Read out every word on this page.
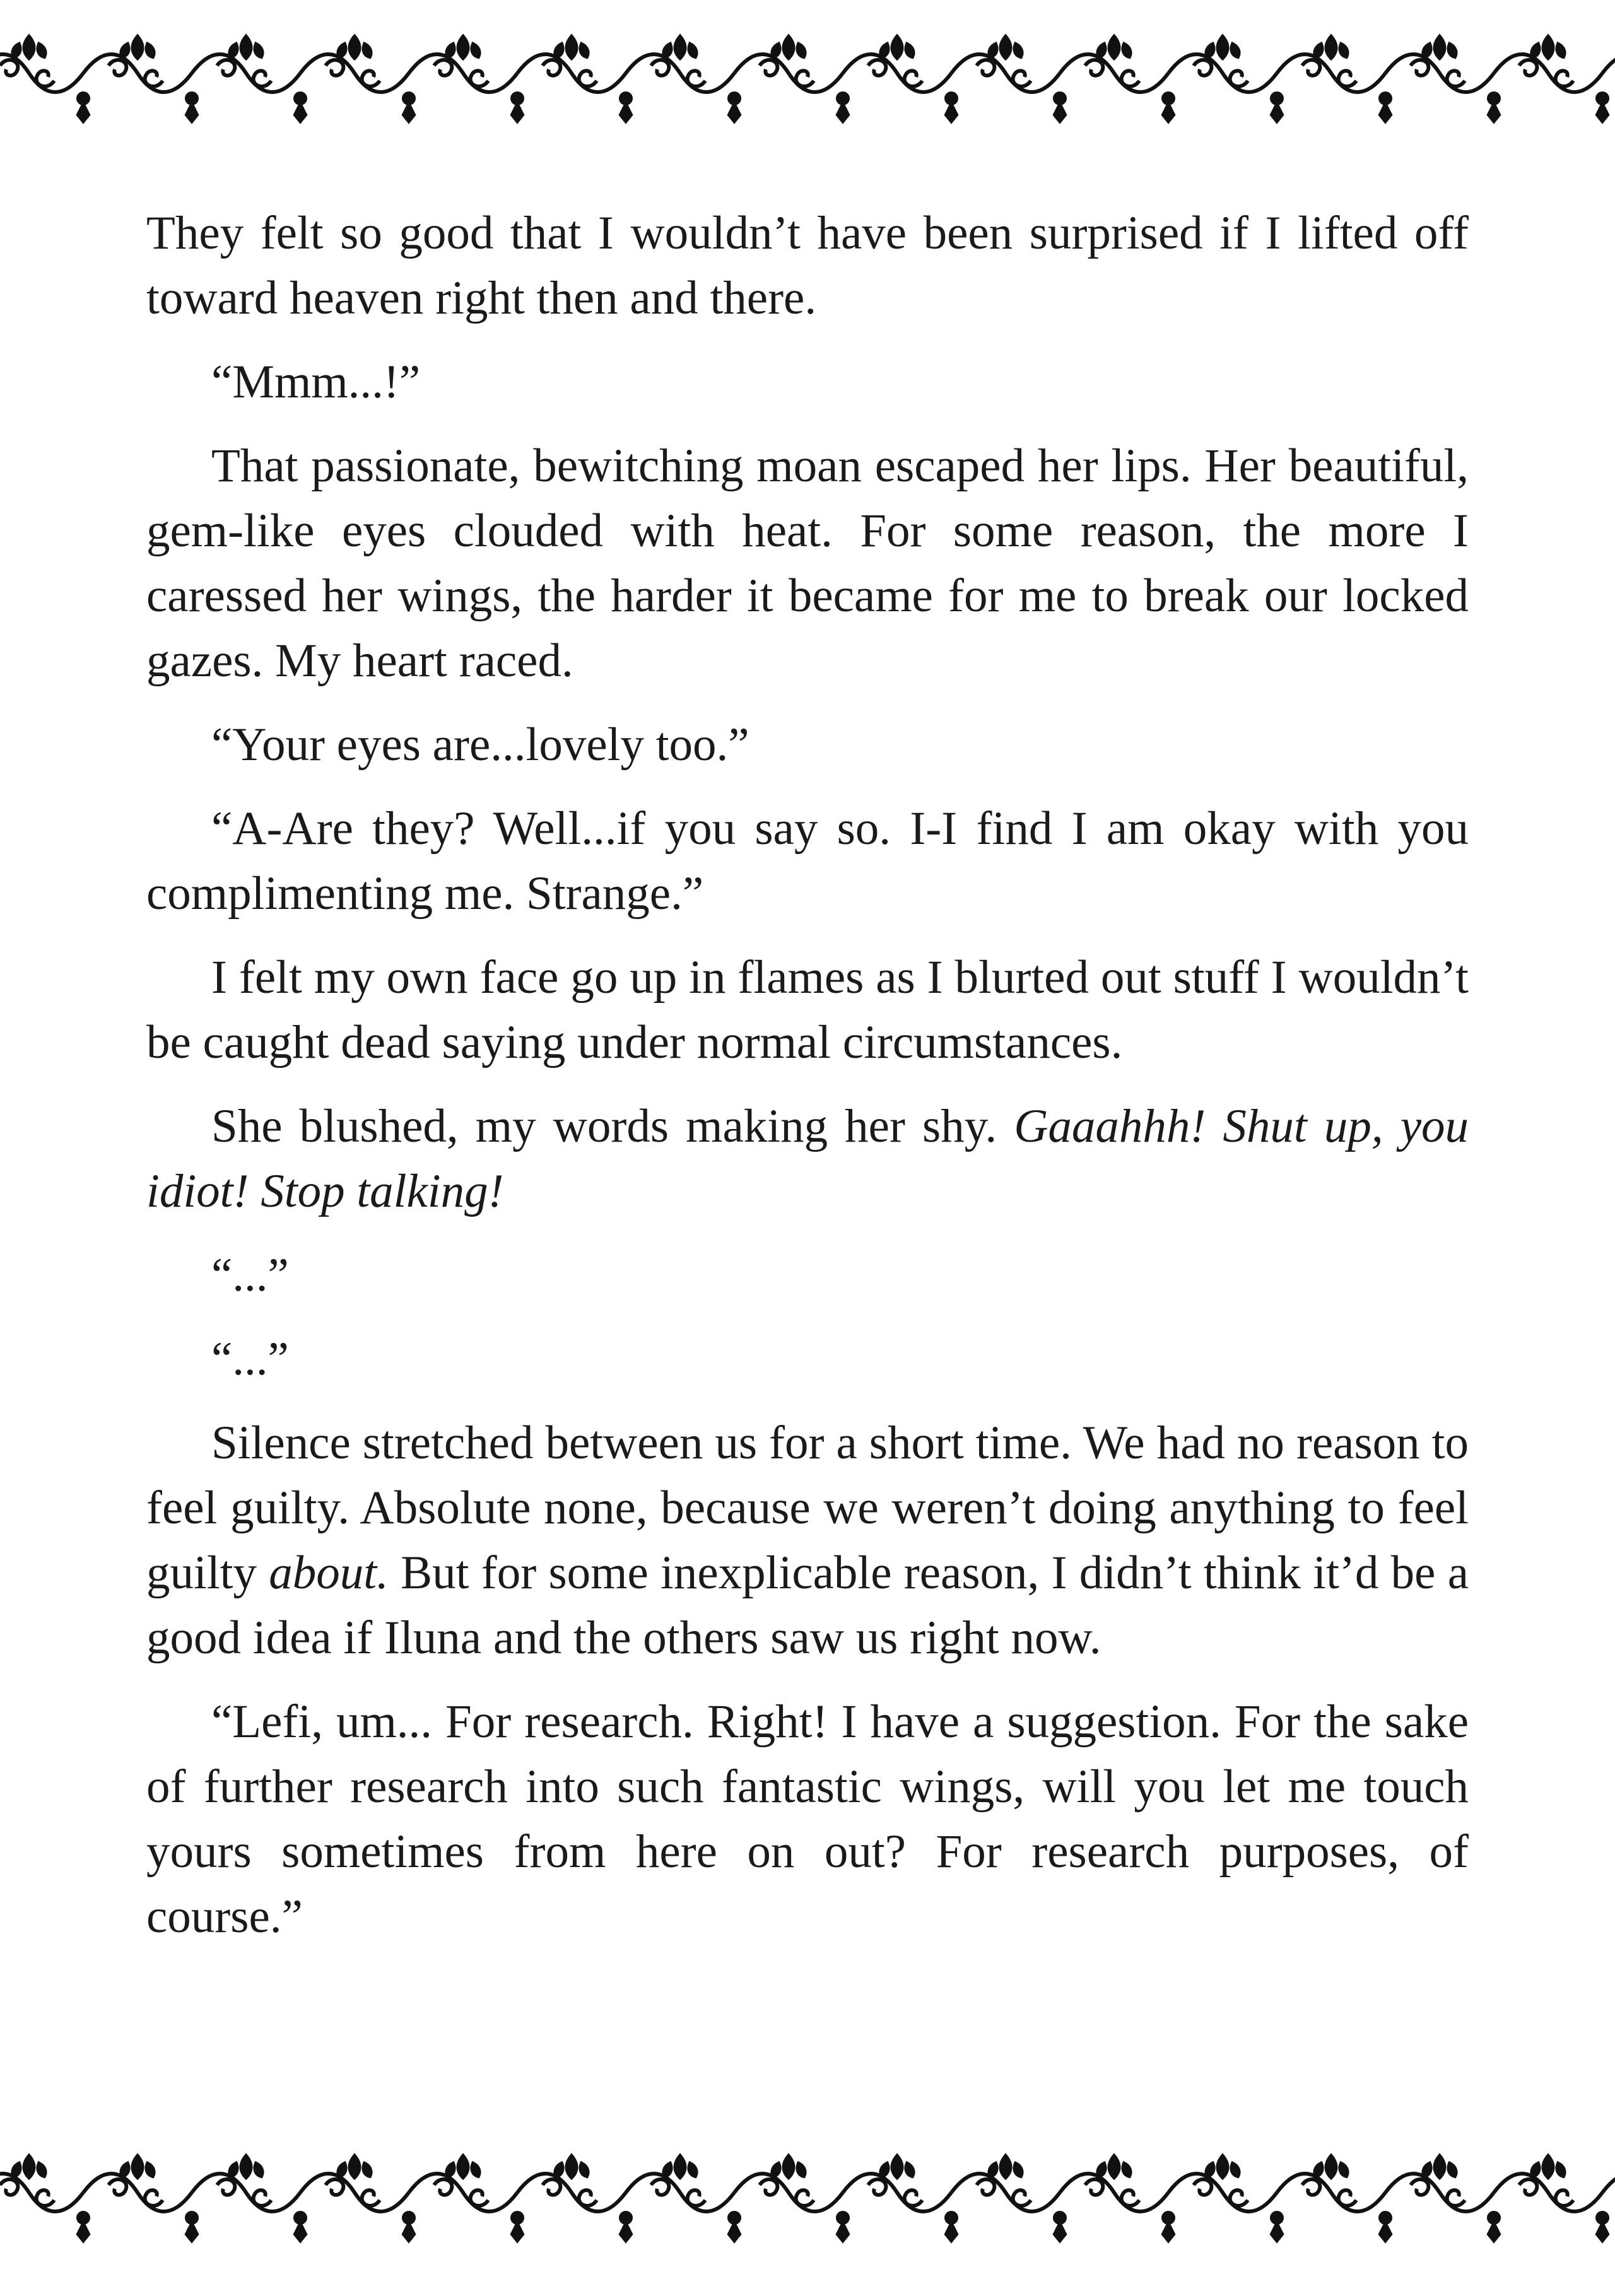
They felt so good that I wouldn’t have been surprised if I lifted off toward heaven right then and there.

“Mmm...!”

That passionate, bewitching moan escaped her lips. Her beautiful, gem-like eyes clouded with heat. For some reason, the more I caressed her wings, the harder it became for me to break our locked gazes. My heart raced.

“Your eyes are...lovely too.”

“A-Are they? Well...if you say so. I-I find I am okay with you complimenting me. Strange.”

I felt my own face go up in flames as I blurted out stuff I wouldn’t be caught dead saying under normal circumstances.

She blushed, my words making her shy. Gaaahhh! Shut up, you idiot! Stop talking!

“...”

“...”

Silence stretched between us for a short time. We had no reason to feel guilty. Absolute none, because we weren’t doing anything to feel guilty about. But for some inexplicable reason, I didn’t think it’d be a good idea if Iluna and the others saw us right now.

“Lefi, um... For research. Right! I have a suggestion. For the sake of further research into such fantastic wings, will you let me touch yours sometimes from here on out? For research purposes, of course.”
